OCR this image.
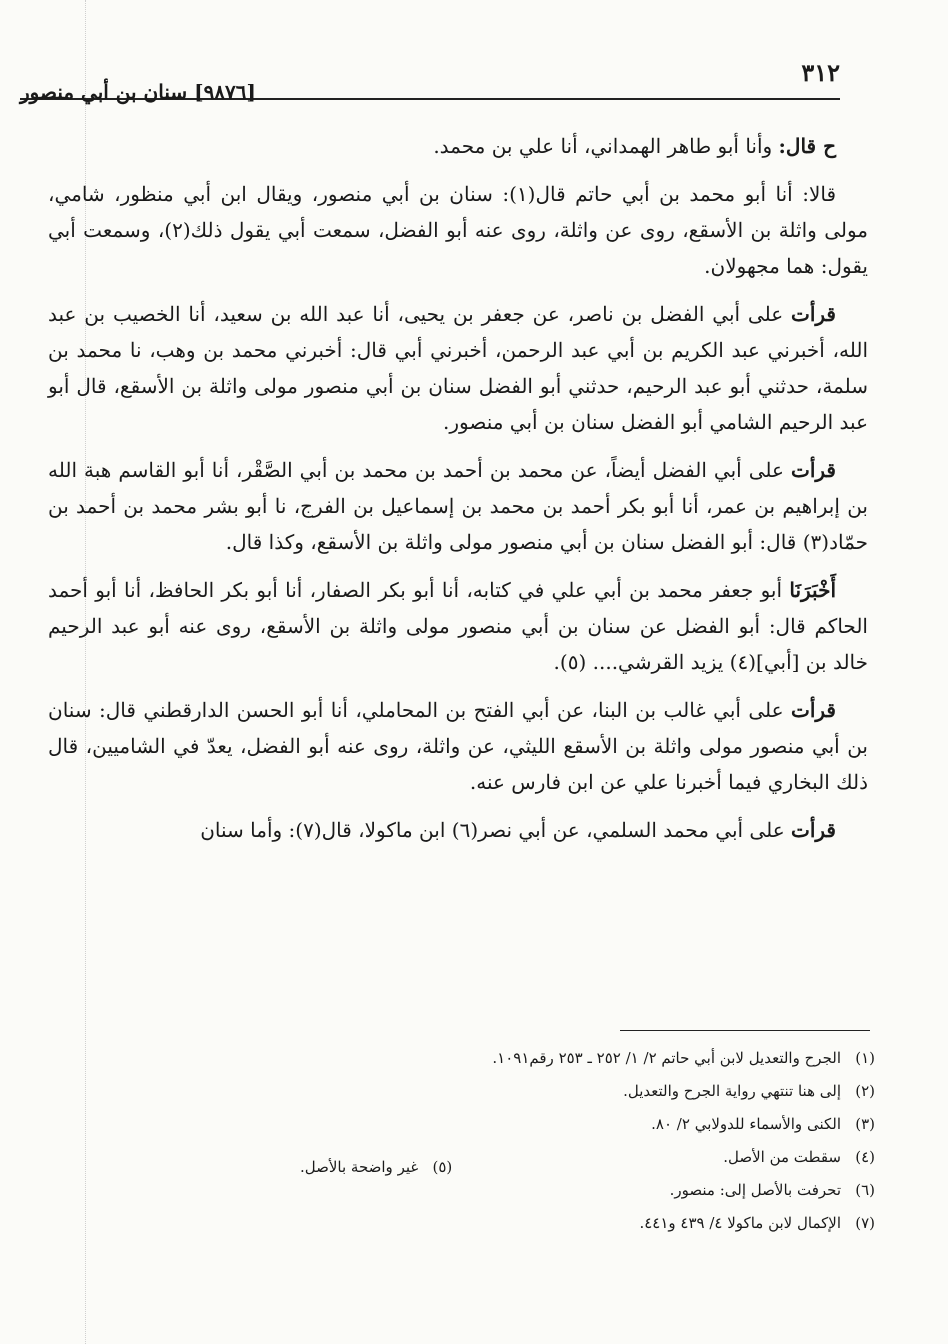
٣١٢
[٩٨٧٦] سنان بن أبي منصور

ح قال: وأنا أبو طاهر الهمداني، أنا علي بن محمد.

قالا: أنا أبو محمد بن أبي حاتم قال(١): سنان بن أبي منصور، ويقال ابن أبي منظور، شامي، مولى واثلة بن الأسقع، روى عن واثلة، روى عنه أبو الفضل، سمعت أبي يقول ذلك(٢)، وسمعت أبي يقول: هما مجهولان.

قرأت على أبي الفضل بن ناصر، عن جعفر بن يحيى، أنا عبد الله بن سعيد، أنا الخصيب بن عبد الله، أخبرني عبد الكريم بن أبي عبد الرحمن، أخبرني أبي قال: أخبرني محمد بن وهب، نا محمد بن سلمة، حدثني أبو عبد الرحيم، حدثني أبو الفضل سنان بن أبي منصور مولى واثلة بن الأسقع، قال أبو عبد الرحيم الشامي أبو الفضل سنان بن أبي منصور.

قرأت على أبي الفضل أيضاً، عن محمد بن أحمد بن محمد بن أبي الصَّقْر، أنا أبو القاسم هبة الله بن إبراهيم بن عمر، أنا أبو بكر أحمد بن محمد بن إسماعيل بن الفرج، نا أبو بشر محمد بن أحمد بن حمّاد(٣) قال: أبو الفضل سنان بن أبي منصور مولى واثلة بن الأسقع، وكذا قال.

أَخْبَرَنَا أبو جعفر محمد بن أبي علي في كتابه، أنا أبو بكر الصفار، أنا أبو بكر الحافظ، أنا أبو أحمد الحاكم قال: أبو الفضل عن سنان بن أبي منصور مولى واثلة بن الأسقع، روى عنه أبو عبد الرحيم خالد بن [أبي](٤) يزيد القرشي.... (٥).

قرأت على أبي غالب بن البنا، عن أبي الفتح بن المحاملي، أنا أبو الحسن الدارقطني قال: سنان بن أبي منصور مولى واثلة بن الأسقع الليثي، عن واثلة، روى عنه أبو الفضل، يعدّ في الشاميين، قال ذلك البخاري فيما أخبرنا علي عن ابن فارس عنه.

قرأت على أبي محمد السلمي، عن أبي نصر(٦) ابن ماكولا، قال(٧): وأما سنان

(١)الجرح والتعديل لابن أبي حاتم ٢/ ١/ ٢٥٢ ـ ٢٥٣ رقم١٠٩١.
(٢)إلى هنا تنتهي رواية الجرح والتعديل.
(٣)الكنى والأسماء للدولابي ٢/ ٨٠.
(٤)سقطت من الأصل.
(٦)تحرفت بالأصل إلى: منصور.
(٧)الإكمال لابن ماكولا ٤/ ٤٣٩ و٤٤١.
(٥)غير واضحة بالأصل.
